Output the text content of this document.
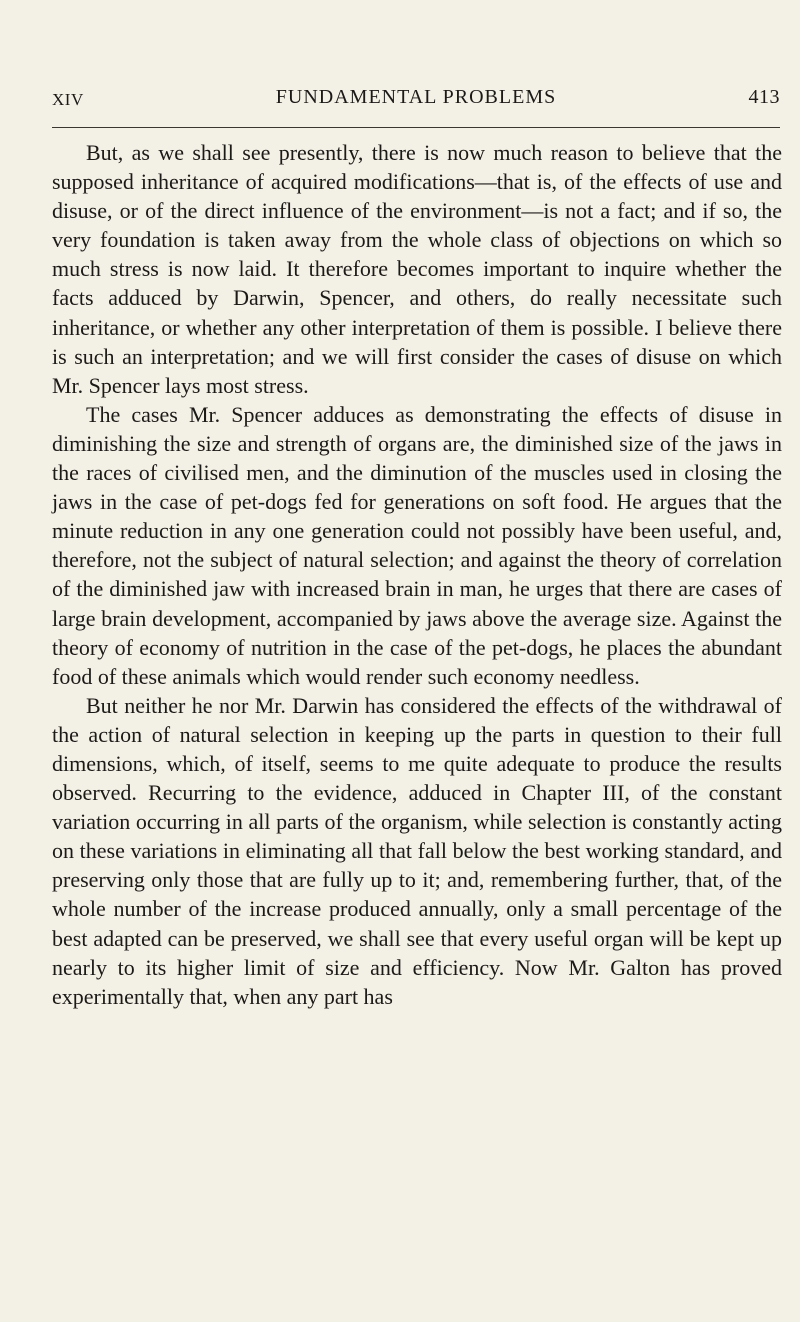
XIV	FUNDAMENTAL PROBLEMS	413

But, as we shall see presently, there is now much reason to believe that the supposed inheritance of acquired modifications—that is, of the effects of use and disuse, or of the direct influence of the environment—is not a fact; and if so, the very foundation is taken away from the whole class of objections on which so much stress is now laid. It therefore becomes important to inquire whether the facts adduced by Darwin, Spencer, and others, do really necessitate such inheritance, or whether any other interpretation of them is possible. I believe there is such an interpretation; and we will first consider the cases of disuse on which Mr. Spencer lays most stress.

The cases Mr. Spencer adduces as demonstrating the effects of disuse in diminishing the size and strength of organs are, the diminished size of the jaws in the races of civilised men, and the diminution of the muscles used in closing the jaws in the case of pet-dogs fed for generations on soft food. He argues that the minute reduction in any one generation could not possibly have been useful, and, therefore, not the subject of natural selection; and against the theory of correlation of the diminished jaw with increased brain in man, he urges that there are cases of large brain development, accompanied by jaws above the average size. Against the theory of economy of nutrition in the case of the pet-dogs, he places the abundant food of these animals which would render such economy needless.

But neither he nor Mr. Darwin has considered the effects of the withdrawal of the action of natural selection in keeping up the parts in question to their full dimensions, which, of itself, seems to me quite adequate to produce the results observed. Recurring to the evidence, adduced in Chapter III, of the constant variation occurring in all parts of the organism, while selection is constantly acting on these variations in eliminating all that fall below the best working standard, and preserving only those that are fully up to it; and, remembering further, that, of the whole number of the increase produced annually, only a small percentage of the best adapted can be preserved, we shall see that every useful organ will be kept up nearly to its higher limit of size and efficiency. Now Mr. Galton has proved experimentally that, when any part has
